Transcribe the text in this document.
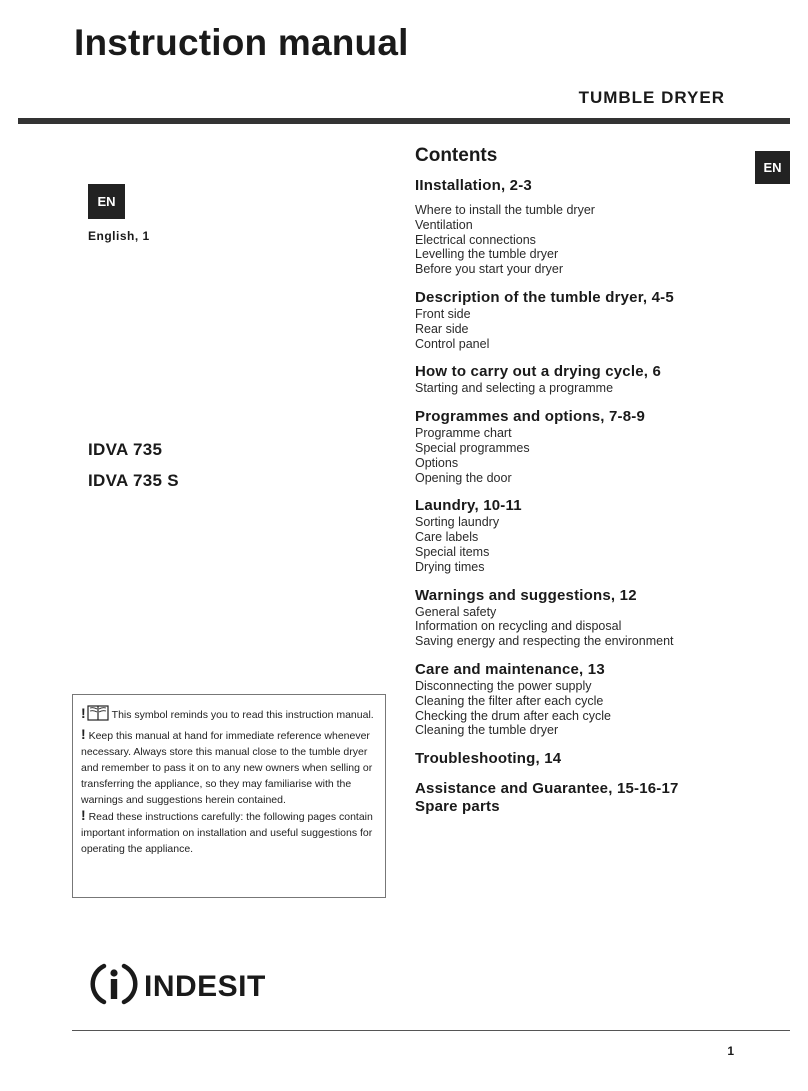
Instruction manual
TUMBLE DRYER
EN
English, 1
EN
IDVA 735
IDVA 735 S
Contents
IInstallation, 2-3
Where to install the tumble dryer
Ventilation
Electrical connections
Levelling the tumble dryer
Before you start your dryer
Description of the tumble dryer, 4-5
Front side
Rear side
Control panel
How to carry out a drying cycle, 6
Starting and selecting a programme
Programmes and options, 7-8-9
Programme chart
Special programmes
Options
Opening the door
Laundry, 10-11
Sorting laundry
Care labels
Special items
Drying times
Warnings and suggestions, 12
General safety
Information on recycling and disposal
Saving energy and respecting the environment
Care and maintenance, 13
Disconnecting the power supply
Cleaning the filter after each cycle
Checking the drum after each cycle
Cleaning the tumble dryer
Troubleshooting, 14
Assistance and Guarantee, 15-16-17
Spare parts

! This symbol reminds you to read this instruction manual.

! Keep this manual at hand for immediate reference whenever necessary. Always store this manual close to the tumble dryer and remember to pass it on to any new owners when selling or transferring the appliance, so they may familiarise with the warnings and suggestions herein contained.

! Read these instructions carefully: the following pages contain important information on installation and useful suggestions for operating the appliance.

INDESIT
1
